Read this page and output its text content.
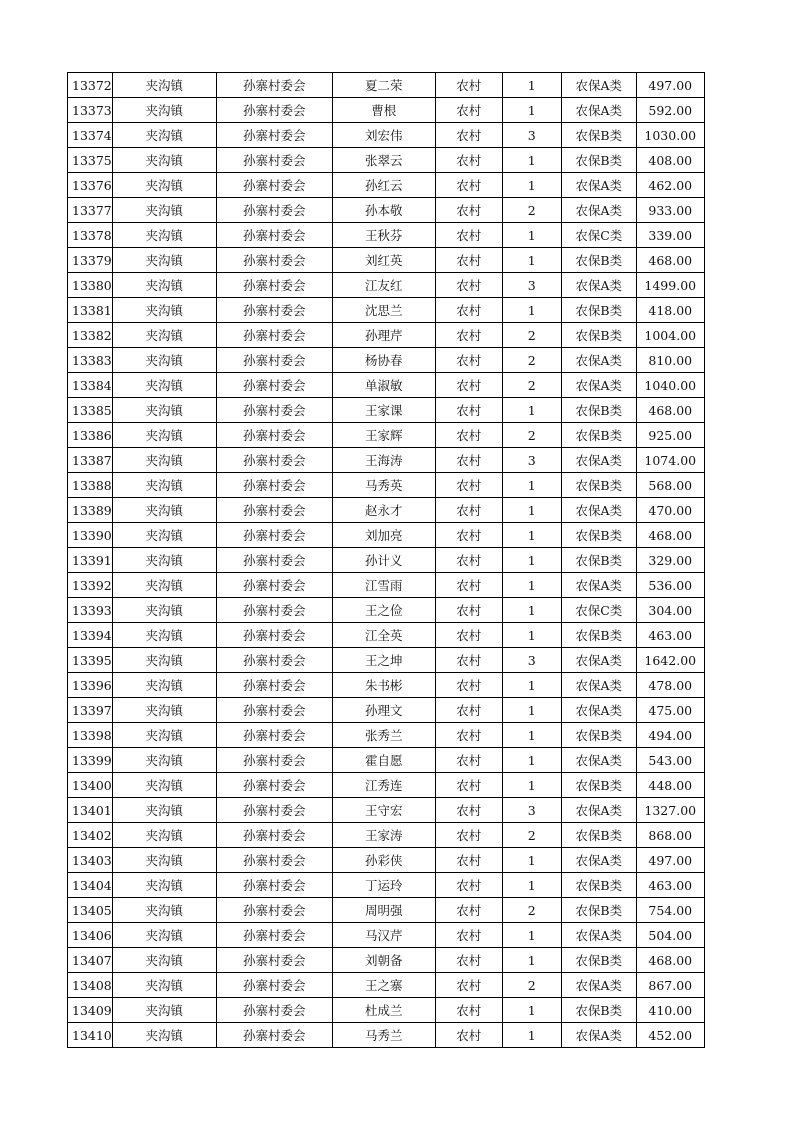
13372	夹沟镇	孙寨村委会	夏二荣	农村	1	农保A类	497.00
13373	夹沟镇	孙寨村委会	曹根	农村	1	农保A类	592.00
13374	夹沟镇	孙寨村委会	刘宏伟	农村	3	农保B类	1030.00
13375	夹沟镇	孙寨村委会	张翠云	农村	1	农保B类	408.00
13376	夹沟镇	孙寨村委会	孙红云	农村	1	农保A类	462.00
13377	夹沟镇	孙寨村委会	孙本敬	农村	2	农保A类	933.00
13378	夹沟镇	孙寨村委会	王秋芬	农村	1	农保C类	339.00
13379	夹沟镇	孙寨村委会	刘红英	农村	1	农保B类	468.00
13380	夹沟镇	孙寨村委会	江友红	农村	3	农保A类	1499.00
13381	夹沟镇	孙寨村委会	沈思兰	农村	1	农保B类	418.00
13382	夹沟镇	孙寨村委会	孙理芹	农村	2	农保B类	1004.00
13383	夹沟镇	孙寨村委会	杨协春	农村	2	农保A类	810.00
13384	夹沟镇	孙寨村委会	单淑敏	农村	2	农保A类	1040.00
13385	夹沟镇	孙寨村委会	王家课	农村	1	农保B类	468.00
13386	夹沟镇	孙寨村委会	王家辉	农村	2	农保B类	925.00
13387	夹沟镇	孙寨村委会	王海涛	农村	3	农保A类	1074.00
13388	夹沟镇	孙寨村委会	马秀英	农村	1	农保B类	568.00
13389	夹沟镇	孙寨村委会	赵永才	农村	1	农保A类	470.00
13390	夹沟镇	孙寨村委会	刘加亮	农村	1	农保B类	468.00
13391	夹沟镇	孙寨村委会	孙计义	农村	1	农保B类	329.00
13392	夹沟镇	孙寨村委会	江雪雨	农村	1	农保A类	536.00
13393	夹沟镇	孙寨村委会	王之俭	农村	1	农保C类	304.00
13394	夹沟镇	孙寨村委会	江全英	农村	1	农保B类	463.00
13395	夹沟镇	孙寨村委会	王之坤	农村	3	农保A类	1642.00
13396	夹沟镇	孙寨村委会	朱书彬	农村	1	农保A类	478.00
13397	夹沟镇	孙寨村委会	孙理文	农村	1	农保A类	475.00
13398	夹沟镇	孙寨村委会	张秀兰	农村	1	农保B类	494.00
13399	夹沟镇	孙寨村委会	霍自愿	农村	1	农保A类	543.00
13400	夹沟镇	孙寨村委会	江秀连	农村	1	农保B类	448.00
13401	夹沟镇	孙寨村委会	王守宏	农村	3	农保A类	1327.00
13402	夹沟镇	孙寨村委会	王家涛	农村	2	农保B类	868.00
13403	夹沟镇	孙寨村委会	孙彩侠	农村	1	农保A类	497.00
13404	夹沟镇	孙寨村委会	丁运玲	农村	1	农保B类	463.00
13405	夹沟镇	孙寨村委会	周明强	农村	2	农保B类	754.00
13406	夹沟镇	孙寨村委会	马汉芹	农村	1	农保A类	504.00
13407	夹沟镇	孙寨村委会	刘朝备	农村	1	农保B类	468.00
13408	夹沟镇	孙寨村委会	王之寨	农村	2	农保A类	867.00
13409	夹沟镇	孙寨村委会	杜成兰	农村	1	农保B类	410.00
13410	夹沟镇	孙寨村委会	马秀兰	农村	1	农保A类	452.00
